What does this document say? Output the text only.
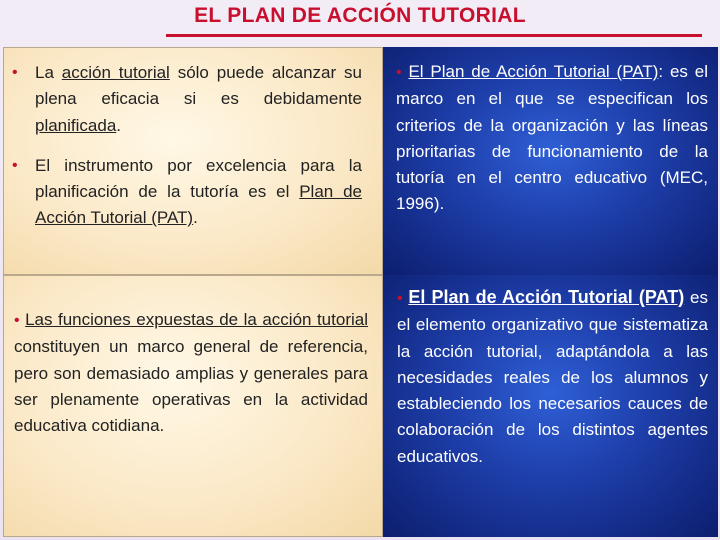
EL PLAN DE ACCIÓN TUTORIAL
• La acción tutorial sólo puede alcanzar su plena eficacia si es debidamente planificada.
• El instrumento por excelencia para la planificación de la tutoría es el Plan de Acción Tutorial (PAT).
• El Plan de Acción Tutorial (PAT): es el marco en el que se especifican los criterios de la organización y las líneas prioritarias de funcionamiento de la tutoría en el centro educativo (MEC, 1996).
• Las funciones expuestas de la acción tutorial constituyen un marco general de referencia, pero son demasiado amplias y generales para ser plenamente operativas en la actividad educativa cotidiana.
• El Plan de Acción Tutorial (PAT) es el elemento organizativo que sistematiza la acción tutorial, adaptándola a las necesidades reales de los alumnos y estableciendo los necesarios cauces de colaboración de los distintos agentes educativos.
